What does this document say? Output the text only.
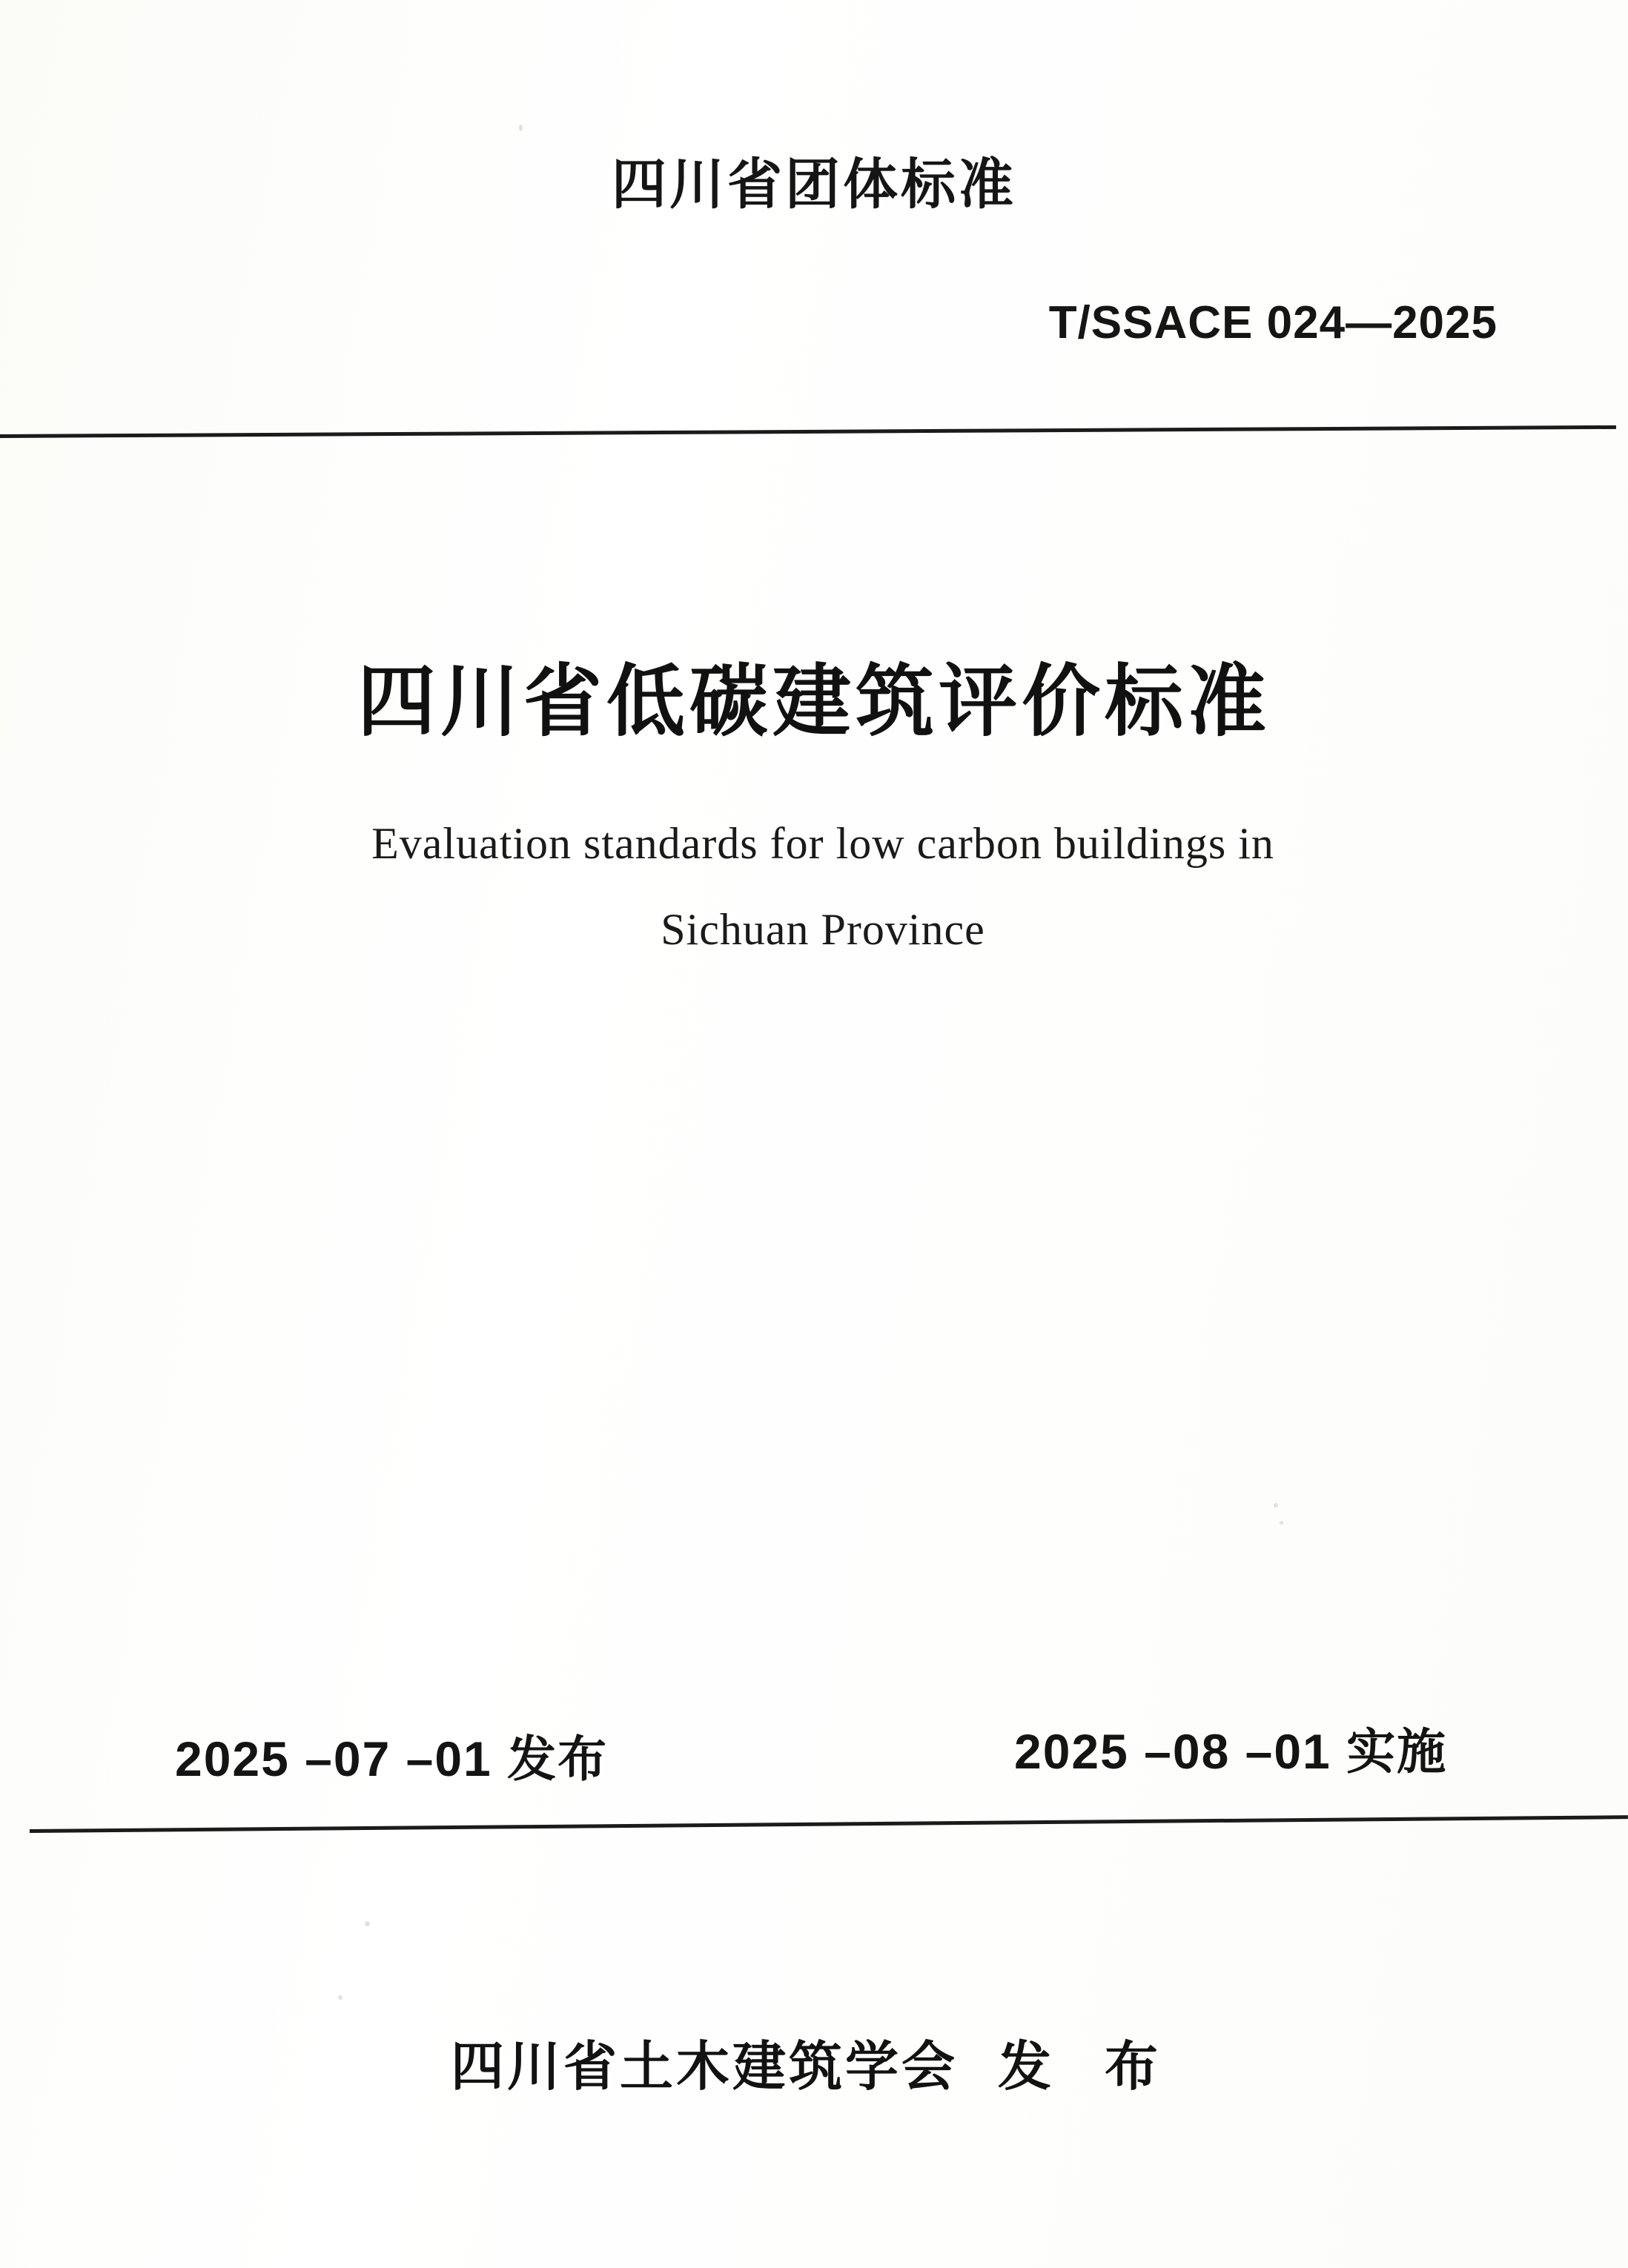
四川省团体标准
T/SSACE 024—2025
四川省低碳建筑评价标准
Evaluation standards for low carbon buildings in
Sichuan Province
2025 –07 –01 发布	2025 –08 –01 实施
四川省土木建筑学会 发 布
